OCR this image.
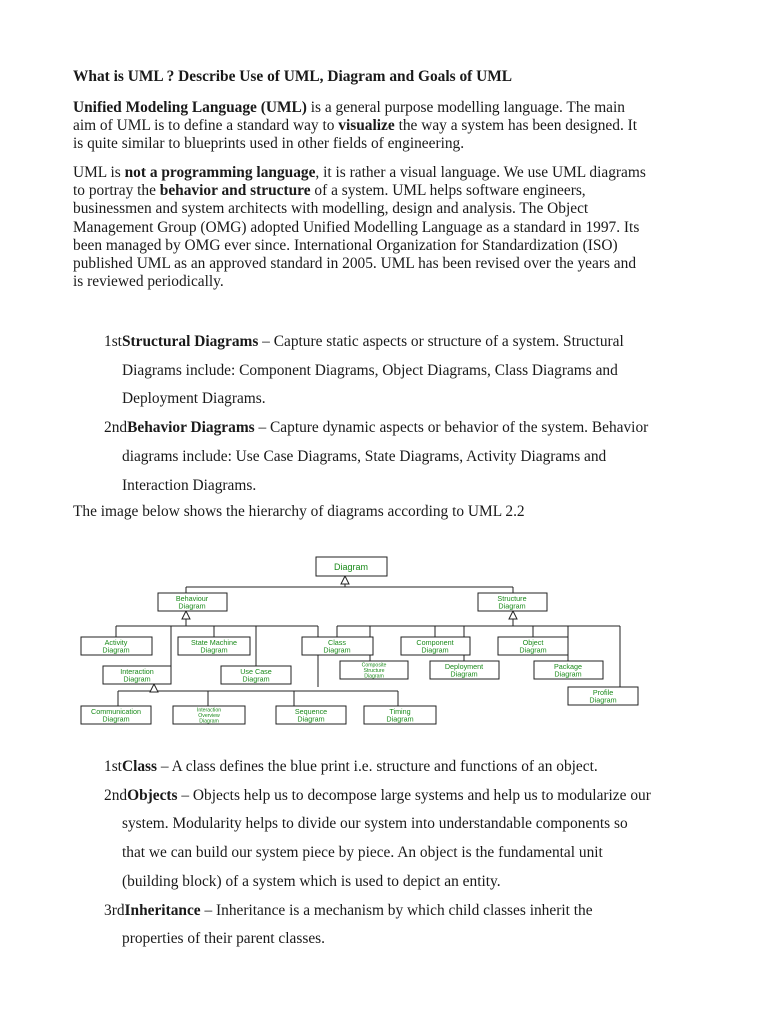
What is UML ? Describe Use of UML, Diagram and Goals of UML
Unified Modeling Language (UML) is a general purpose modelling language. The main
aim of UML is to define a standard way to visualize the way a system has been designed. It
is quite similar to blueprints used in other fields of engineering.
UML is not a programming language, it is rather a visual language. We use UML diagrams
to portray the behavior and structure of a system. UML helps software engineers,
businessmen and system architects with modelling, design and analysis. The Object
Management Group (OMG) adopted Unified Modelling Language as a standard in 1997. Its
been managed by OMG ever since. International Organization for Standardization (ISO)
published UML as an approved standard in 2005. UML has been revised over the years and
is reviewed periodically.
1stStructural Diagrams – Capture static aspects or structure of a system. Structural
Diagrams include: Component Diagrams, Object Diagrams, Class Diagrams and
Deployment Diagrams.
2ndBehavior Diagrams – Capture dynamic aspects or behavior of the system. Behavior
diagrams include: Use Case Diagrams, State Diagrams, Activity Diagrams and
Interaction Diagrams.
The image below shows the hierarchy of diagrams according to UML 2.2
Diagram
Behaviour
Diagram
Structure
Diagram
Activity
Diagram
State Machine
Diagram
Interaction
Diagram
Use Case
Diagram
Communication
Diagram
Interaction
Overview
Diagram
Sequence
Diagram
Timing
Diagram
Class
Diagram
Component
Diagram
Object
Diagram
Composite
Structure
Diagram
Deployment
Diagram
Package
Diagram
Profile
Diagram
1stClass – A class defines the blue print i.e. structure and functions of an object.
2ndObjects – Objects help us to decompose large systems and help us to modularize our
system. Modularity helps to divide our system into understandable components so
that we can build our system piece by piece. An object is the fundamental unit
(building block) of a system which is used to depict an entity.
3rdInheritance – Inheritance is a mechanism by which child classes inherit the
properties of their parent classes.
